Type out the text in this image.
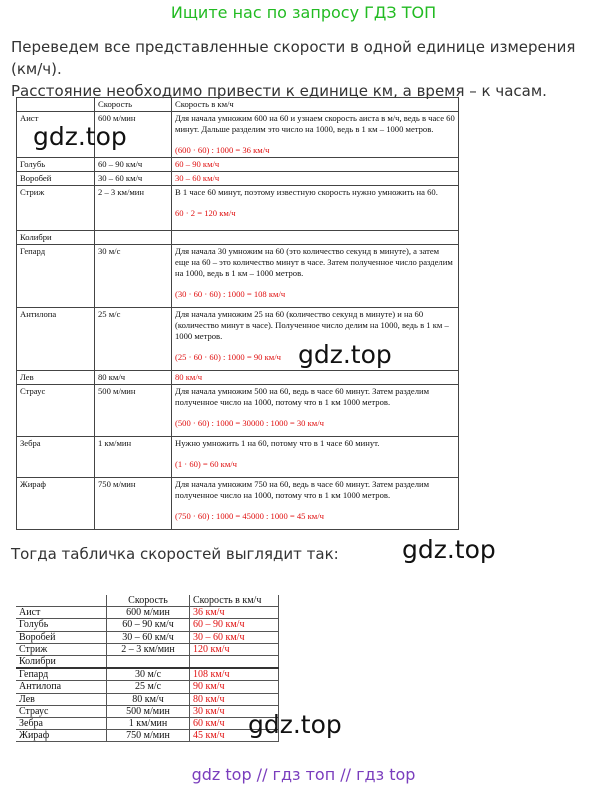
Ищите нас по запросу ГДЗ ТОП
Переведем все представленные скорости в одной единице измерения (км/ч).
Расстояние необходимо привести к единице км, а время – к часам.
	Скорость	Скорость в км/ч
Аист	600 м/мин	Для начала умножим 600 на 60 и узнаем скорость аиста в м/ч, ведь в часе 60 минут. Дальше разделим это число на 1000, ведь в 1 км – 1000 метров.
(600 · 60) : 1000 = 36 км/ч

Голубь	60 – 90 км/ч	60 – 90 км/ч
Воробей	30 – 60 км/ч	30 – 60 км/ч
Стриж	2 – 3 км/мин	В 1 часе 60 минут, поэтому известную скорость нужно умножить на 60.
60 · 2 = 120 км/ч

Колибри		
Гепард	30 м/с	Для начала 30 умножим на 60 (это количество секунд в минуте), а затем еще на 60 – это количество минут в часе. Затем полученное число разделим на 1000, ведь в 1 км – 1000 метров.
(30 · 60 · 60) : 1000 = 108 км/ч

Антилопа	25 м/с	Для начала умножим 25 на 60 (количество секунд в минуте) и на 60 (количество минут в часе). Полученное число делим на 1000, ведь в 1 км – 1000 метров.
(25 · 60 · 60) : 1000 = 90 км/ч

Лев	80 км/ч	80 км/ч
Страус	500 м/мин	Для начала умножим 500 на 60, ведь в часе 60 минут. Затем разделим полученное число на 1000, потому что в 1 км 1000 метров.
(500 · 60) : 1000 = 30000 : 1000 = 30 км/ч

Зебра	1 км/мин	Нужно умножить 1 на 60, потому что в 1 часе 60 минут.
(1 · 60) = 60 км/ч

Жираф	750 м/мин	Для начала умножим 750 на 60, ведь в часе 60 минут. Затем разделим полученное число на 1000, потому что в 1 км 1000 метров.
(750 · 60) : 1000 = 45000 : 1000 = 45 км/ч
Тогда табличка скоростей выглядит так:
	Скорость	Скорость в км/ч
Аист	600 м/мин	36 км/ч
Голубь	60 – 90 км/ч	60 – 90 км/ч
Воробей	30 – 60 км/ч	30 – 60 км/ч
Стриж	2 – 3 км/мин	120 км/ч
Колибри		
Гепард	30 м/с	108 км/ч
Антилопа	25 м/с	90 км/ч
Лев	80 км/ч	80 км/ч
Страус	500 м/мин	30 км/ч
Зебра	1 км/мин	60 км/ч
Жираф	750 м/мин	45 км/ч
gdz.top
gdz.top
gdz.top
gdz.top
gdz top // гдз топ // гдз top
